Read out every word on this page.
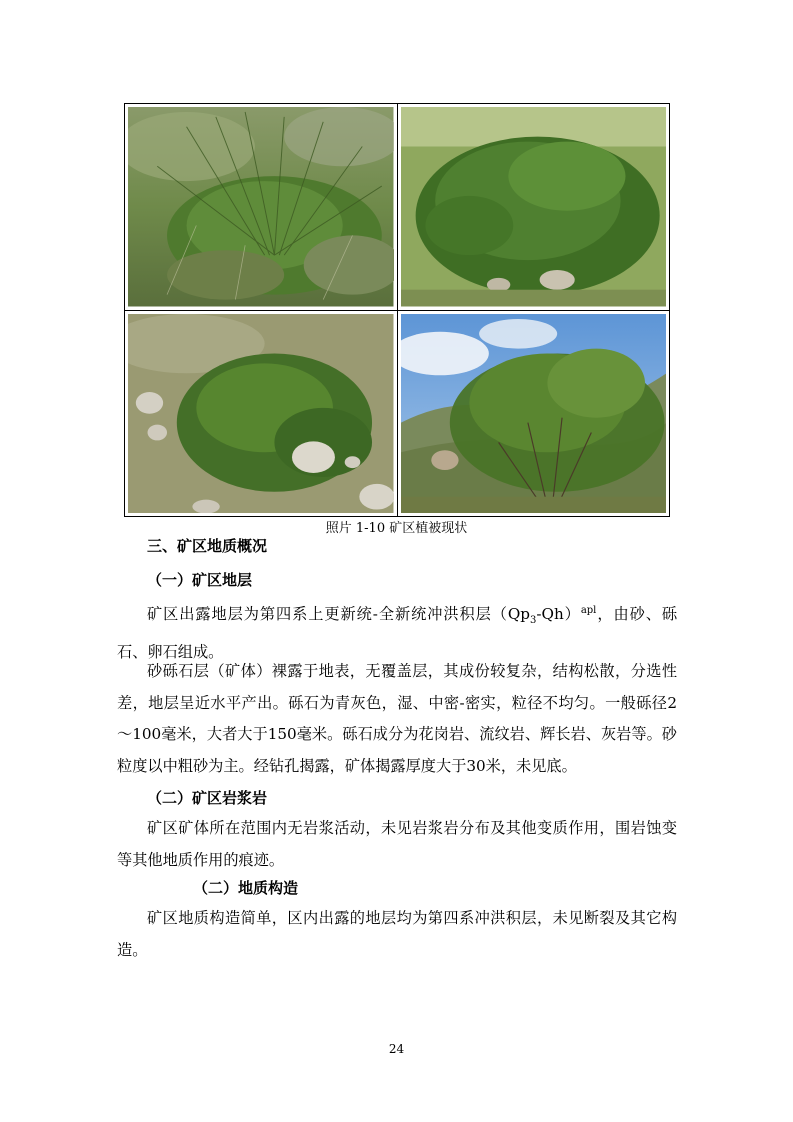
照片 1-10 矿区植被现状
三、矿区地质概况
（一）矿区地层
矿区出露地层为第四系上更新统-全新统冲洪积层$(Qp_3-Qh)^{apl}$，由砂、砾石、卵石组成。
砂砾石层（矿体）裸露于地表，无覆盖层，其成份较复杂，结构松散，分选性差，地层呈近水平产出。砾石为青灰色，湿、中密-密实，粒径不均匀。一般砾径2～100毫米，大者大于150毫米。砾石成分为花岗岩、流纹岩、辉长岩、灰岩等。砂粒度以中粗砂为主。经钻孔揭露，矿体揭露厚度大于30米，未见底。
（二）矿区岩浆岩
矿区矿体所在范围内无岩浆活动，未见岩浆岩分布及其他变质作用，围岩蚀变等其他地质作用的痕迹。
（二）地质构造
矿区地质构造简单，区内出露的地层均为第四系冲洪积层，未见断裂及其它构造。
24
